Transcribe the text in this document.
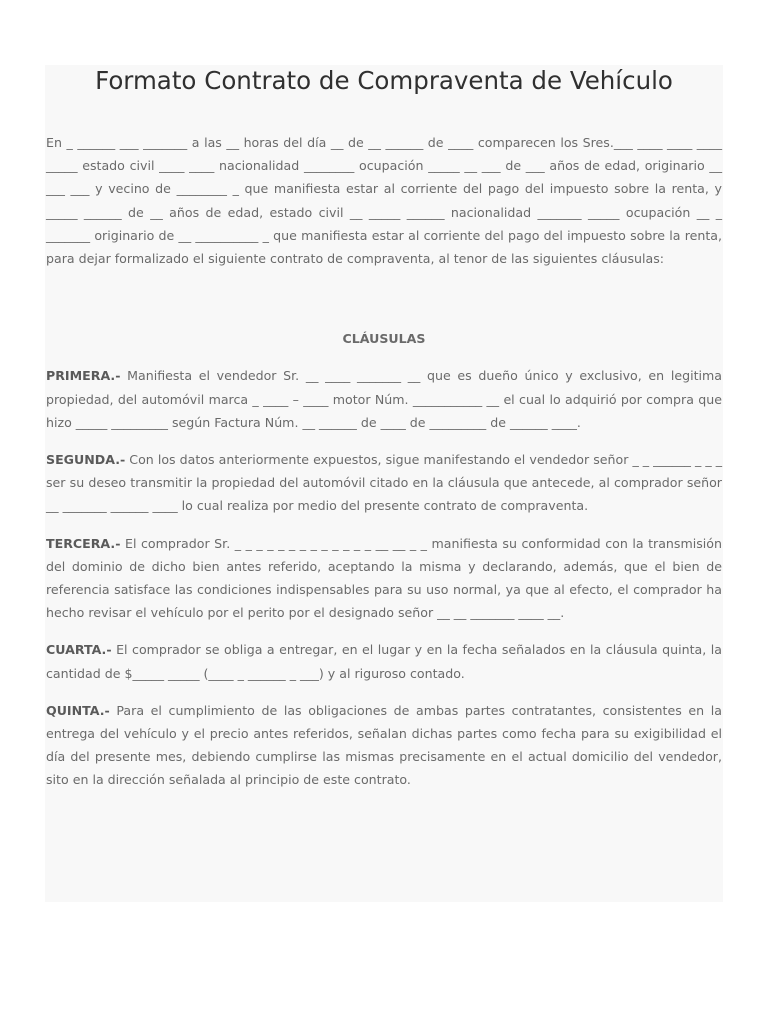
Formato Contrato de Compraventa de Vehículo

En _ ______ ___ _______ a las __ horas del día __ de __ ______ de ____ comparecen los Sres.___ ____ ____ ____ _____ estado civil ____ ____ nacionalidad ________ ocupación _____ __ ___ de ___ años de edad, originario __ ___ ___ y vecino de ________ _ que manifiesta estar al corriente del pago del impuesto sobre la renta, y _____ ______ de __ años de edad, estado civil __ _____ ______ nacionalidad _______ _____ ocupación __ _ _______ originario de __ __________ _ que manifiesta estar al corriente del pago del impuesto sobre la renta, para dejar formalizado el siguiente contrato de compraventa, al tenor de las siguientes cláusulas:

CLÁUSULAS

PRIMERA.- Manifiesta el vendedor Sr. __ ____ _______ __ que es dueño único y exclusivo, en legitima propiedad, del automóvil marca _ ____ – ____ motor Núm. ___________ __ el cual lo adquirió por compra que hizo _____ _________ según Factura Núm. __ ______ de ____ de _________ de ______ ____.

SEGUNDA.- Con los datos anteriormente expuestos, sigue manifestando el vendedor señor _ _ ______ _ _ _ ser su deseo transmitir la propiedad del automóvil citado en la cláusula que antecede, al comprador señor __ _______ ______ ____ lo cual realiza por medio del presente contrato de compraventa.

TERCERA.- El comprador Sr. _ _ _ _ _ _ _ _ _ _ _ _ _ __ __ _ _ manifiesta su conformidad con la transmisión del dominio de dicho bien antes referido, aceptando la misma y declarando, además, que el bien de referencia satisface las condiciones indispensables para su uso normal, ya que al efecto, el comprador ha hecho revisar el vehículo por el perito por el designado señor __ __ _______ ____ __.

CUARTA.- El comprador se obliga a entregar, en el lugar y en la fecha señalados en la cláusula quinta, la cantidad de $_____ _____ (____ _ ______ _ ___) y al riguroso contado.

QUINTA.- Para el cumplimiento de las obligaciones de ambas partes contratantes, consistentes en la entrega del vehículo y el precio antes referidos, señalan dichas partes como fecha para su exigibilidad el día del presente mes, debiendo cumplirse las mismas precisamente en el actual domicilio del vendedor, sito en la dirección señalada al principio de este contrato.
